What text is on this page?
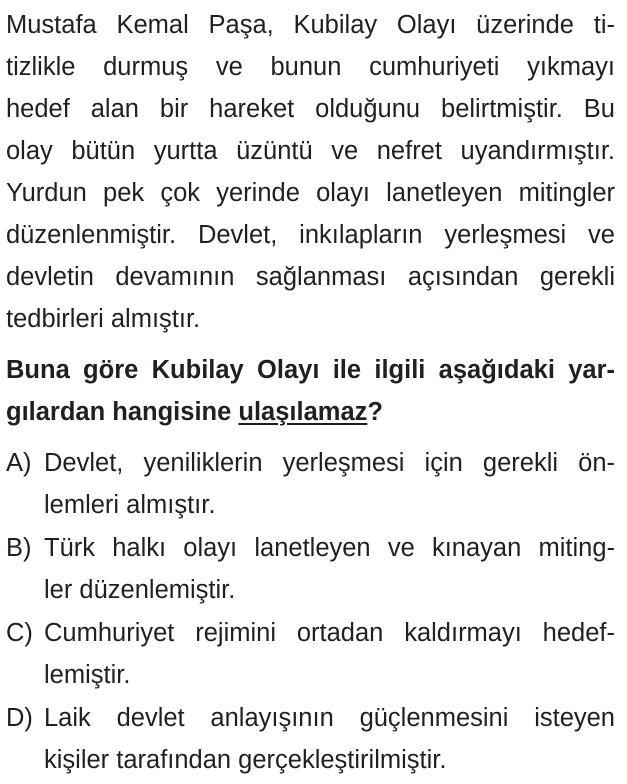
Mustafa Kemal Paşa, Kubilay Olayı üzerinde ti-
tizlikle durmuş ve bunun cumhuriyeti yıkmayı
hedef alan bir hareket olduğunu belirtmiştir. Bu
olay bütün yurtta üzüntü ve nefret uyandırmıştır.
Yurdun pek çok yerinde olayı lanetleyen mitingler
düzenlenmiştir. Devlet, inkılapların yerleşmesi ve
devletin devamının sağlanması açısından gerekli
tedbirleri almıştır.
Buna göre Kubilay Olayı ile ilgili aşağıdaki yar-
gılardan hangisine ulaşılamaz?
A) Devlet, yeniliklerin yerleşmesi için gerekli ön-
lemleri almıştır.
B) Türk halkı olayı lanetleyen ve kınayan miting-
ler düzenlemiştir.
C) Cumhuriyet rejimini ortadan kaldırmayı hedef-
lemiştir.
D) Laik devlet anlayışının güçlenmesini isteyen
kişiler tarafından gerçekleştirilmiştir.
